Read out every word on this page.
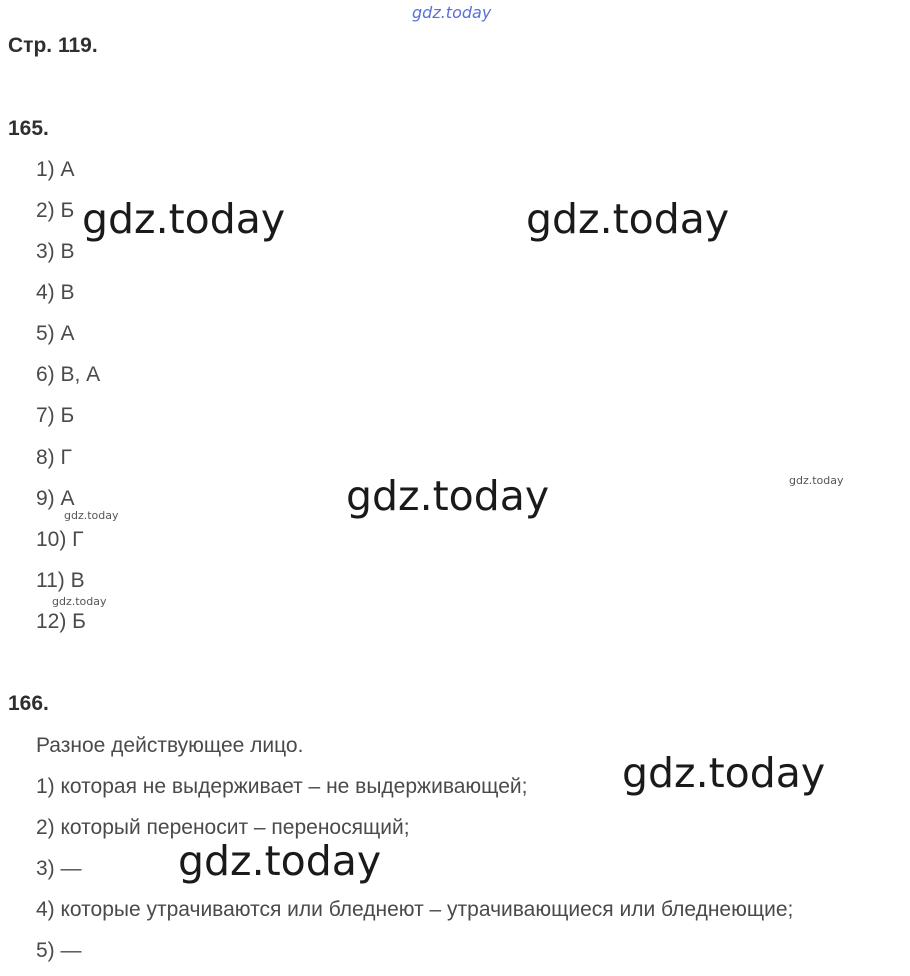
gdz.today
Стр. 119.
165.
1) А
2) Б
3) В
4) В
5) А
6) В, А
7) Б
8) Г
9) А
10) Г
11) В
12) Б
166.
Разное действующее лицо.
1) которая не выдерживает – не выдерживающей;
2) который переносит – переносящий;
3) —
4) которые утрачиваются или бледнеют – утрачивающиеся или бледнеющие;
5) —
gdz.today	gdz.today
gdz.today
gdz.today
gdz.today
gdz.today
gdz.today
gdz.today
